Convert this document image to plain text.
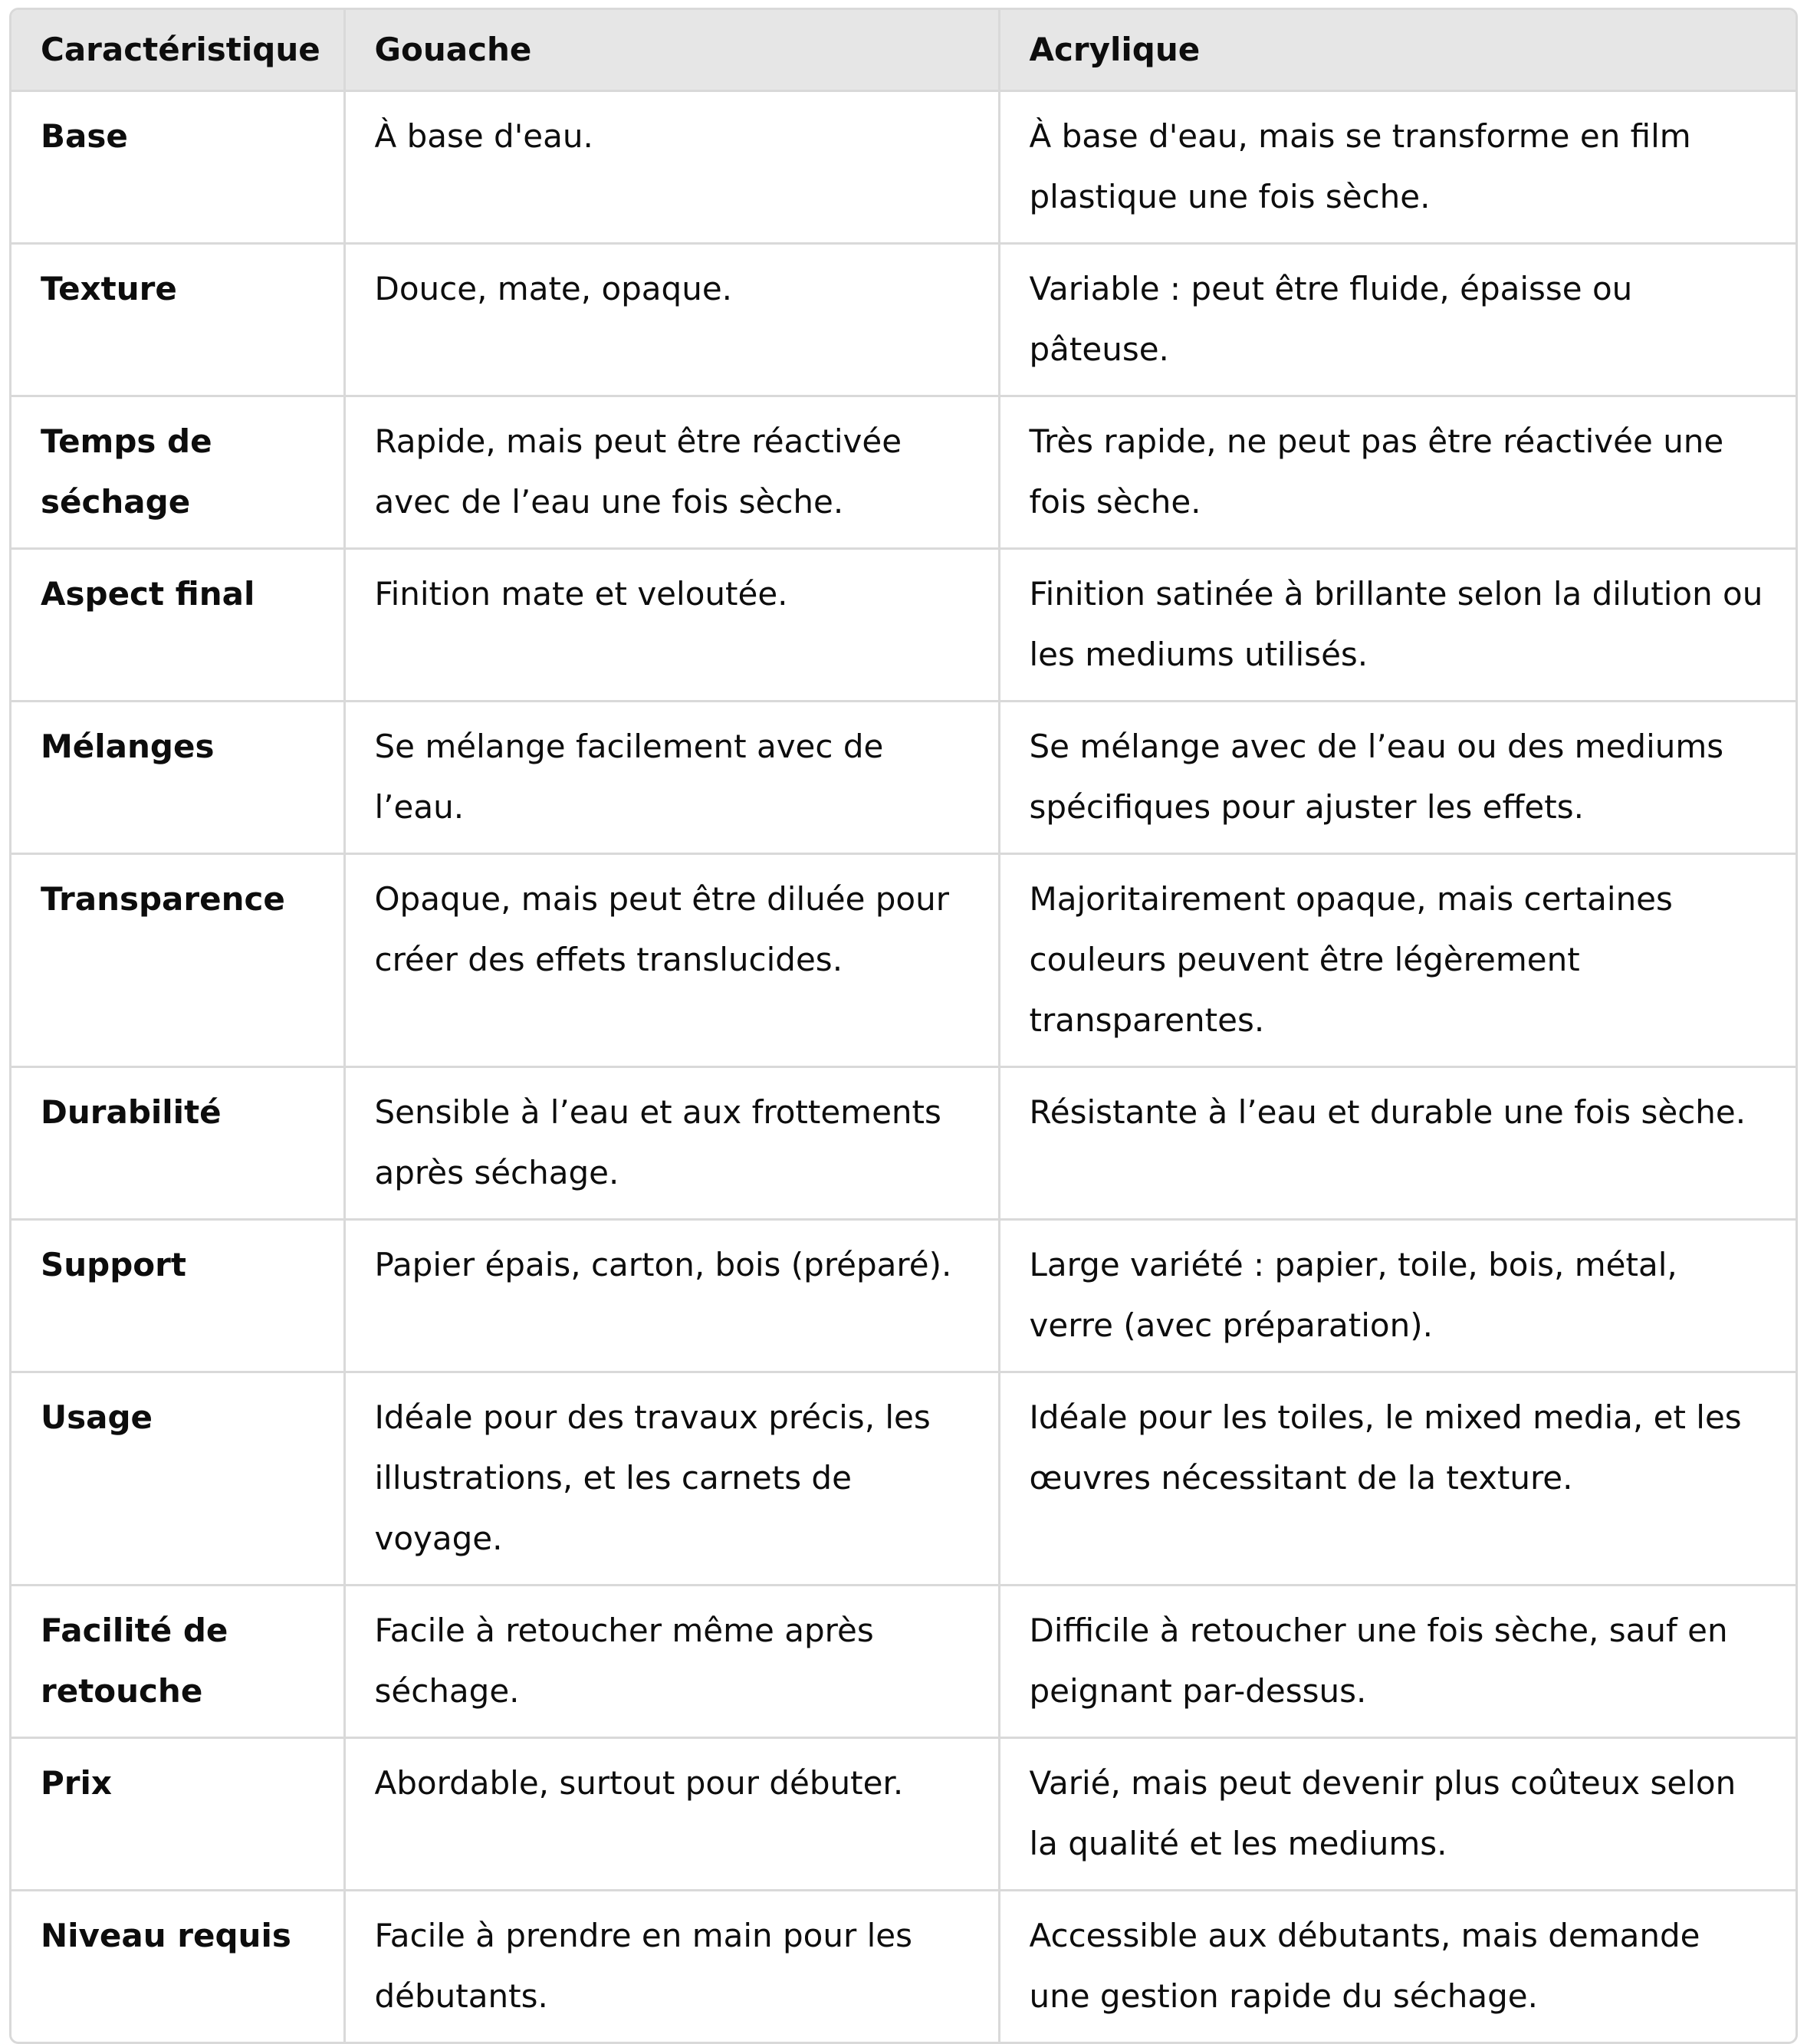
Caractéristique	Gouache	Acrylique
Base	À base d'eau.	À base d'eau, mais se transforme en film plastique une fois sèche.
Texture	Douce, mate, opaque.	Variable : peut être fluide, épaisse ou pâteuse.
Temps de séchage	Rapide, mais peut être réactivée avec de l’eau une fois sèche.	Très rapide, ne peut pas être réactivée une fois sèche.
Aspect final	Finition mate et veloutée.	Finition satinée à brillante selon la dilution ou les mediums utilisés.
Mélanges	Se mélange facilement avec de l’eau.	Se mélange avec de l’eau ou des mediums spécifiques pour ajuster les effets.
Transparence	Opaque, mais peut être diluée pour créer des effets translucides.	Majoritairement opaque, mais certaines couleurs peuvent être légèrement transparentes.
Durabilité	Sensible à l’eau et aux frottements après séchage.	Résistante à l’eau et durable une fois sèche.
Support	Papier épais, carton, bois (préparé).	Large variété : papier, toile, bois, métal, verre (avec préparation).
Usage	Idéale pour des travaux précis, les illustrations, et les carnets de voyage.	Idéale pour les toiles, le mixed media, et les œuvres nécessitant de la texture.
Facilité de retouche	Facile à retoucher même après séchage.	Difficile à retoucher une fois sèche, sauf en peignant par-dessus.
Prix	Abordable, surtout pour débuter.	Varié, mais peut devenir plus coûteux selon la qualité et les mediums.
Niveau requis	Facile à prendre en main pour les débutants.	Accessible aux débutants, mais demande une gestion rapide du séchage.
